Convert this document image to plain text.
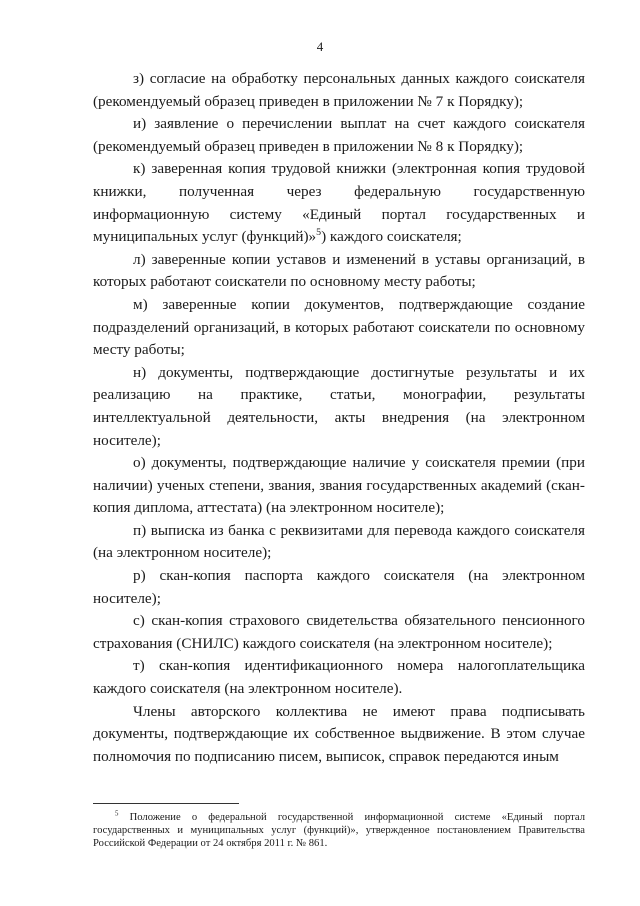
4

з) согласие на обработку персональных данных каждого соискателя (рекомендуемый образец приведен в приложении № 7 к Порядку);

и) заявление о перечислении выплат на счет каждого соискателя (рекомендуемый образец приведен в приложении № 8 к Порядку);

к) заверенная копия трудовой книжки (электронная копия трудовой книжки, полученная через федеральную государственную информационную систему «Единый портал государственных и муниципальных услуг (функций)»$^5$) каждого соискателя;

л) заверенные копии уставов и изменений в уставы организаций, в которых работают соискатели по основному месту работы;

м) заверенные копии документов, подтверждающие создание подразделений организаций, в которых работают соискатели по основному месту работы;

н) документы, подтверждающие достигнутые результаты и их реализацию на практике, статьи, монографии, результаты интеллектуальной деятельности, акты внедрения (на электронном носителе);

о) документы, подтверждающие наличие у соискателя премии (при наличии) ученых степени, звания, звания государственных академий (скан-копия диплома, аттестата) (на электронном носителе);

п) выписка из банка с реквизитами для перевода каждого соискателя (на электронном носителе);

р) скан-копия паспорта каждого соискателя (на электронном носителе);

с) скан-копия страхового свидетельства обязательного пенсионного страхования (СНИЛС) каждого соискателя (на электронном носителе);

т) скан-копия идентификационного номера налогоплательщика каждого соискателя (на электронном носителе).

Члены авторского коллектива не имеют права подписывать документы, подтверждающие их собственное выдвижение. В этом случае полномочия по подписанию писем, выписок, справок передаются иным

$^5$ Положение о федеральной государственной информационной системе «Единый портал государственных и муниципальных услуг (функций)», утвержденное постановлением Правительства Российской Федерации от 24 октября 2011 г. № 861.
